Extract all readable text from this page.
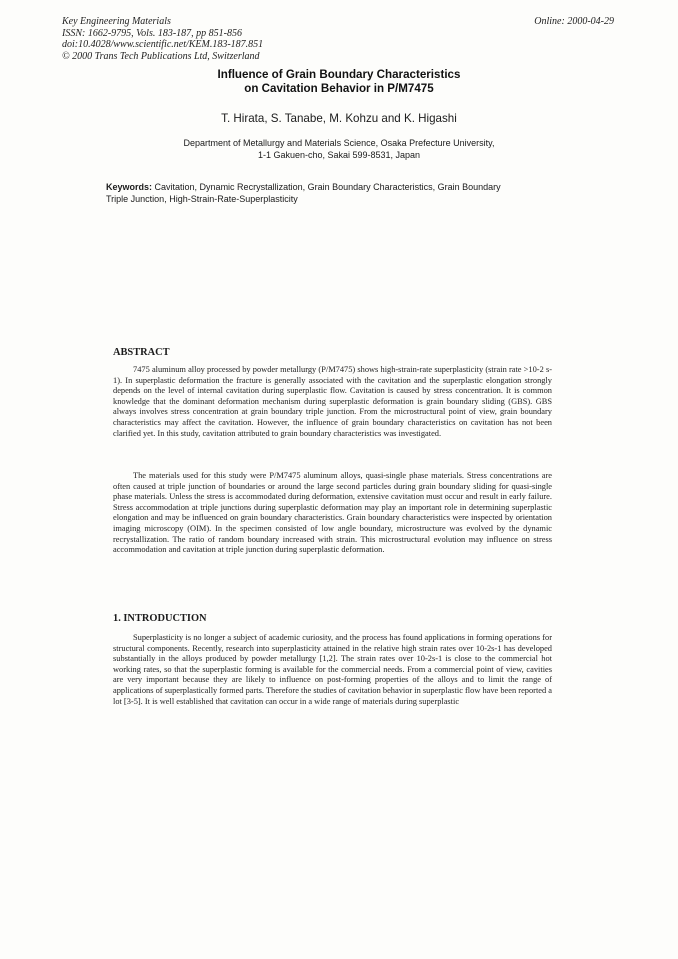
Key Engineering Materials
ISSN: 1662-9795, Vols. 183-187, pp 851-856
doi:10.4028/www.scientific.net/KEM.183-187.851
© 2000 Trans Tech Publications Ltd, Switzerland
Online: 2000-04-29
Influence of Grain Boundary Characteristics
on Cavitation Behavior in P/M7475
T. Hirata, S. Tanabe, M. Kohzu and K. Higashi
Department of Metallurgy and Materials Science, Osaka Prefecture University,
1-1 Gakuen-cho, Sakai 599-8531, Japan
Keywords: Cavitation, Dynamic Recrystallization, Grain Boundary Characteristics, Grain Boundary Triple Junction, High-Strain-Rate-Superplasticity
ABSTRACT

7475 aluminum alloy processed by powder metallurgy (P/M7475) shows high-strain-rate superplasticity (strain rate >10-2 s-1). In superplastic deformation the fracture is generally associated with the cavitation and the superplastic elongation strongly depends on the level of internal cavitation during superplastic flow. Cavitation is caused by stress concentration. It is common knowledge that the dominant deformation mechanism during superplastic deformation is grain boundary sliding (GBS). GBS always involves stress concentration at grain boundary triple junction. From the microstructural point of view, grain boundary characteristics may affect the cavitation. However, the influence of grain boundary characteristics on cavitation has not been clarified yet. In this study, cavitation attributed to grain boundary characteristics was investigated.

The materials used for this study were P/M7475 aluminum alloys, quasi-single phase materials. Stress concentrations are often caused at triple junction of boundaries or around the large second particles during grain boundary sliding for quasi-single phase materials. Unless the stress is accommodated during deformation, extensive cavitation must occur and result in early failure. Stress accommodation at triple junctions during superplastic deformation may play an important role in determining superplastic elongation and may be influenced on grain boundary characteristics. Grain boundary characteristics were inspected by orientation imaging microscopy (OIM). In the specimen consisted of low angle boundary, microstructure was evolved by the dynamic recrystallization. The ratio of random boundary increased with strain. This microstructural evolution may influence on stress accommodation and cavitation at triple junction during superplastic deformation.

1. INTRODUCTION

Superplasticity is no longer a subject of academic curiosity, and the process has found applications in forming operations for structural components. Recently, research into superplasticity attained in the relative high strain rates over 10-2s-1 has developed substantially in the alloys produced by powder metallurgy [1,2]. The strain rates over 10-2s-1 is close to the commercial hot working rates, so that the superplastic forming is available for the commercial needs. From a commercial point of view, cavities are very important because they are likely to influence on post-forming properties of the alloys and to limit the range of applications of superplastically formed parts. Therefore the studies of cavitation behavior in superplastic flow have been reported a lot [3-5]. It is well established that cavitation can occur in a wide range of materials during superplastic
